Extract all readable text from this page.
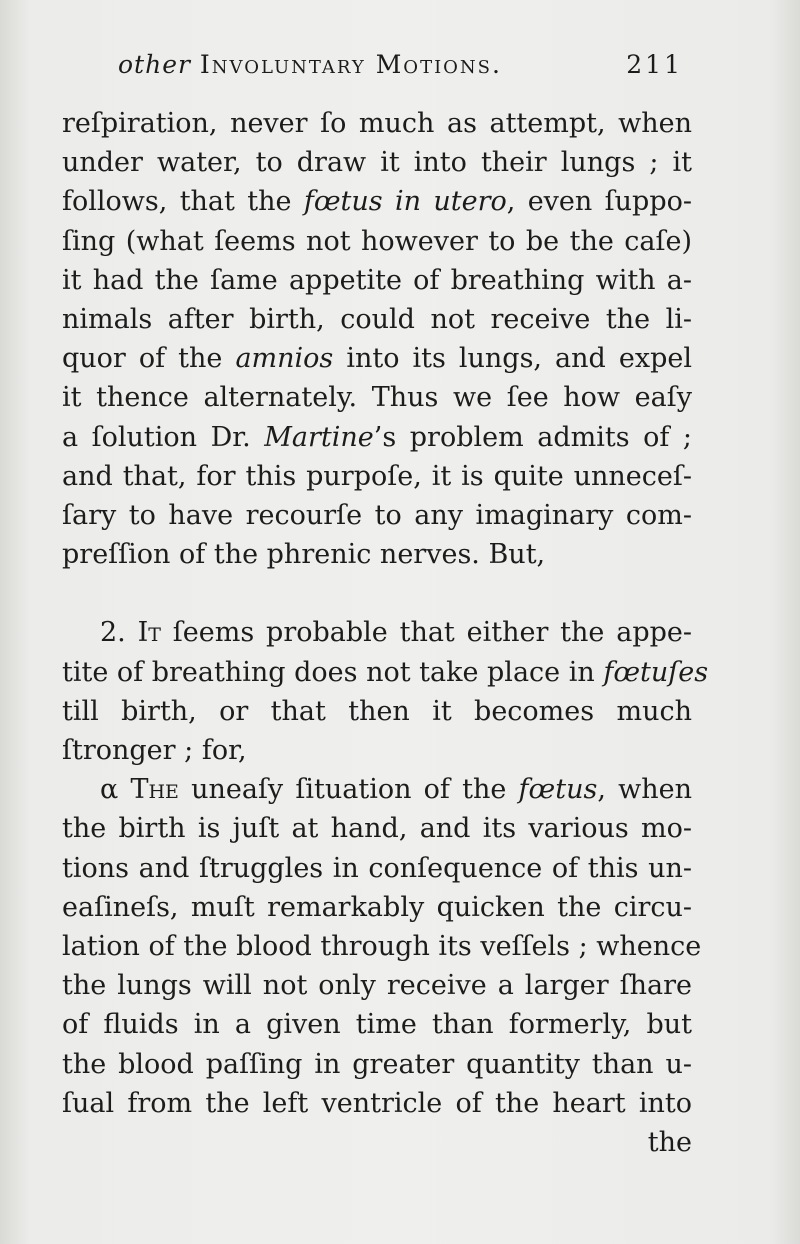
other Involuntary Motions.	211
reſpiration, never ſo much as attempt, when
under water, to draw it into their lungs ; it
follows, that the fœtus in utero, even ſuppo-
ſing (what ſeems not however to be the caſe)
it had the ſame appetite of breathing with a-
nimals after birth, could not receive the li-
quor of the amnios into its lungs, and expel
it thence alternately. Thus we ſee how eaſy
a ſolution Dr. Martine’s problem admits of ;
and that, for this purpoſe, it is quite unneceſ-
ſary to have recourſe to any imaginary com-
preſſion of the phrenic nerves. But,
2. It ſeems probable that either the appe-
tite of breathing does not take place in fœtuſes
till birth, or that then it becomes much
ſtronger ; for,
α The uneaſy ſituation of the fœtus, when
the birth is juſt at hand, and its various mo-
tions and ſtruggles in conſequence of this un-
eaſineſs, muſt remarkably quicken the circu-
lation of the blood through its veſſels ; whence
the lungs will not only receive a larger ſhare
of fluids in a given time than formerly, but
the blood paſſing in greater quantity than u-
ſual from the left ventricle of the heart into
the
